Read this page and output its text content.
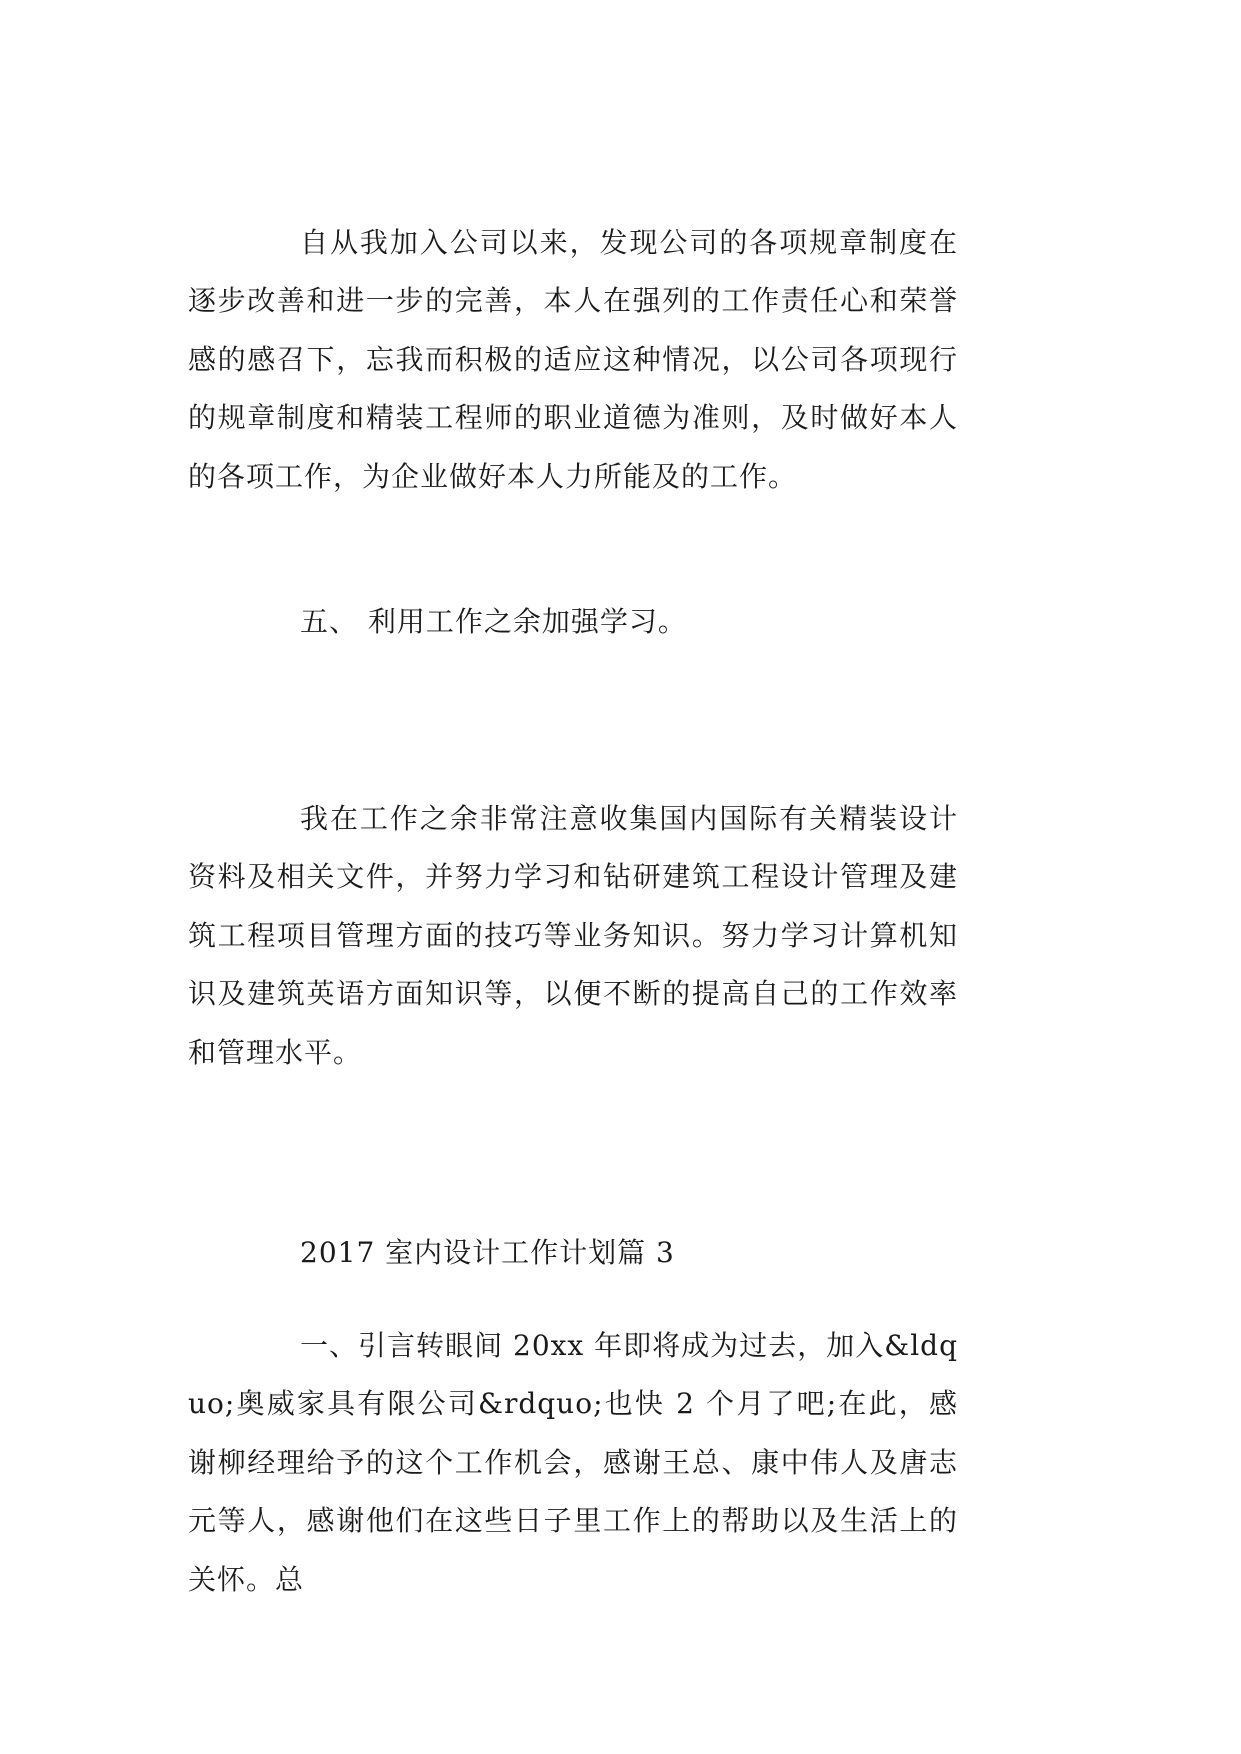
自从我加入公司以来，发现公司的各项规章制度在逐步改善和进一步的完善，本人在强列的工作责任心和荣誉感的感召下，忘我而积极的适应这种情况，以公司各项现行的规章制度和精装工程师的职业道德为准则，及时做好本人的各项工作，为企业做好本人力所能及的工作。

五、 利用工作之余加强学习。

我在工作之余非常注意收集国内国际有关精装设计资料及相关文件，并努力学习和钻研建筑工程设计管理及建筑工程项目管理方面的技巧等业务知识。努力学习计算机知识及建筑英语方面知识等，以便不断的提高自己的工作效率和管理水平。

2017 室内设计工作计划篇 3

一、引言转眼间 20xx 年即将成为过去，加入&ldquo;奥威家具有限公司&rdquo;也快 2 个月了吧;在此，感谢柳经理给予的这个工作机会，感谢王总、康中伟人及唐志元等人，感谢他们在这些日子里工作上的帮助以及生活上的关怀。总
